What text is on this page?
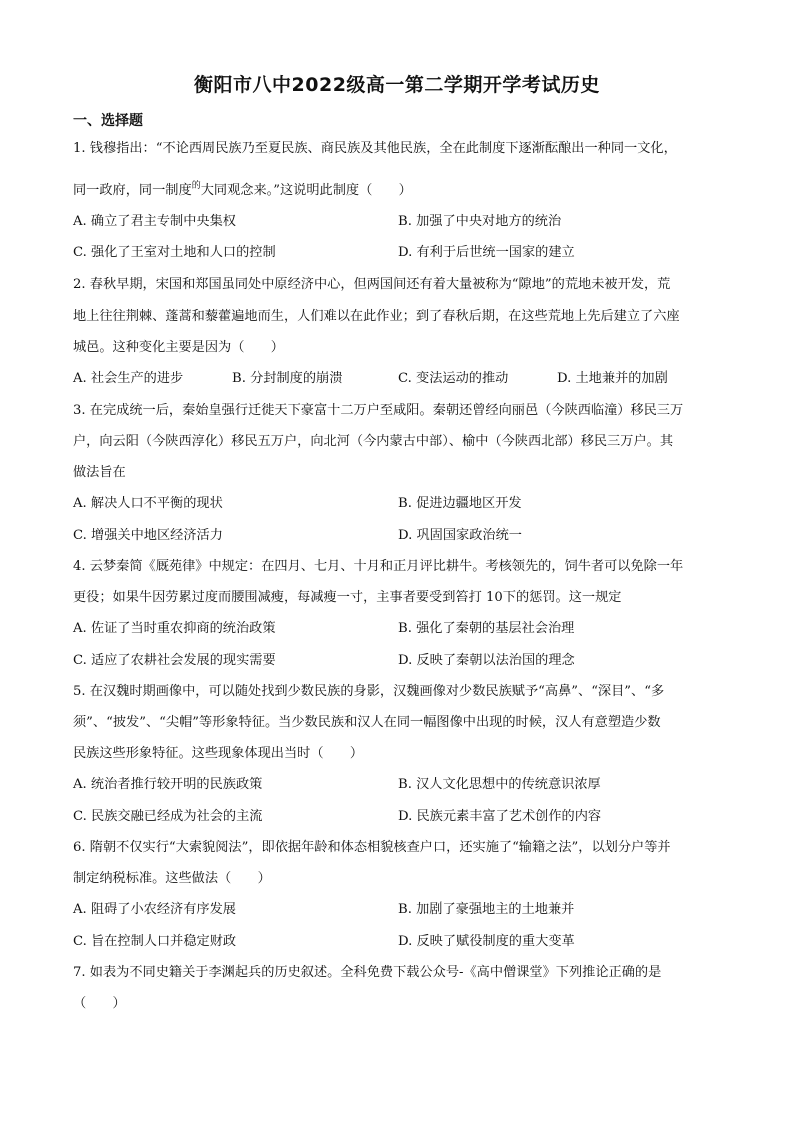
衡阳市八中2022级高一第二学期开学考试历史
一、选择题
1. 钱穆指出：“不论西周民族乃至夏民族、商民族及其他民族，全在此制度下逐渐酝酿出一种同一文化，
同一政府，同一制度$^的$大同观念来。”这说明此制度（　　）
A. 确立了君主专制中央集权	B. 加强了中央对地方的统治
C. 强化了王室对土地和人口的控制	D. 有利于后世统一国家的建立
2. 春秋早期，宋国和郑国虽同处中原经济中心，但两国间还有着大量被称为“隙地”的荒地未被开发，荒
地上往往荆棘、蓬蒿和藜藿遍地而生，人们难以在此作业；到了春秋后期，在这些荒地上先后建立了六座
城邑。这种变化主要是因为（　　）
A. 社会生产的进步	B. 分封制度的崩溃	C. 变法运动的推动	D. 土地兼并的加剧
3. 在完成统一后，秦始皇强行迁徙天下豪富十二万户至咸阳。秦朝还曾经向丽邑（今陕西临潼）移民三万
户，向云阳（今陕西淳化）移民五万户，向北河（今内蒙古中部）、榆中（今陕西北部）移民三万户。其
做法旨在
A. 解决人口不平衡的现状	B. 促进边疆地区开发
C. 增强关中地区经济活力	D. 巩固国家政治统一
4. 云梦秦简《厩苑律》中规定：在四月、七月、十月和正月评比耕牛。考核领先的，饲牛者可以免除一年
更役；如果牛因劳累过度而腰围减瘦，每减瘦一寸，主事者要受到笞打 10下的惩罚。这一规定
A. 佐证了当时重农抑商的统治政策	B. 强化了秦朝的基层社会治理
C. 适应了农耕社会发展的现实需要	D. 反映了秦朝以法治国的理念
5. 在汉魏时期画像中，可以随处找到少数民族的身影，汉魏画像对少数民族赋予“高鼻”、“深目”、“多
须”、“披发”、“尖帽”等形象特征。当少数民族和汉人在同一幅图像中出现的时候，汉人有意塑造少数
民族这些形象特征。这些现象体现出当时（　　）
A. 统治者推行较开明的民族政策	B. 汉人文化思想中的传统意识浓厚
C. 民族交融已经成为社会的主流	D. 民族元素丰富了艺术创作的内容
6. 隋朝不仅实行“大索貌阅法”，即依据年龄和体态相貌核查户口，还实施了“输籍之法”，以划分户等并
制定纳税标准。这些做法（　　）
A. 阻碍了小农经济有序发展	B. 加剧了豪强地主的土地兼并
C. 旨在控制人口并稳定财政	D. 反映了赋役制度的重大变革
7. 如表为不同史籍关于李渊起兵的历史叙述。全科免费下载公众号-《高中僧课堂》下列推论正确的是
（　　）
